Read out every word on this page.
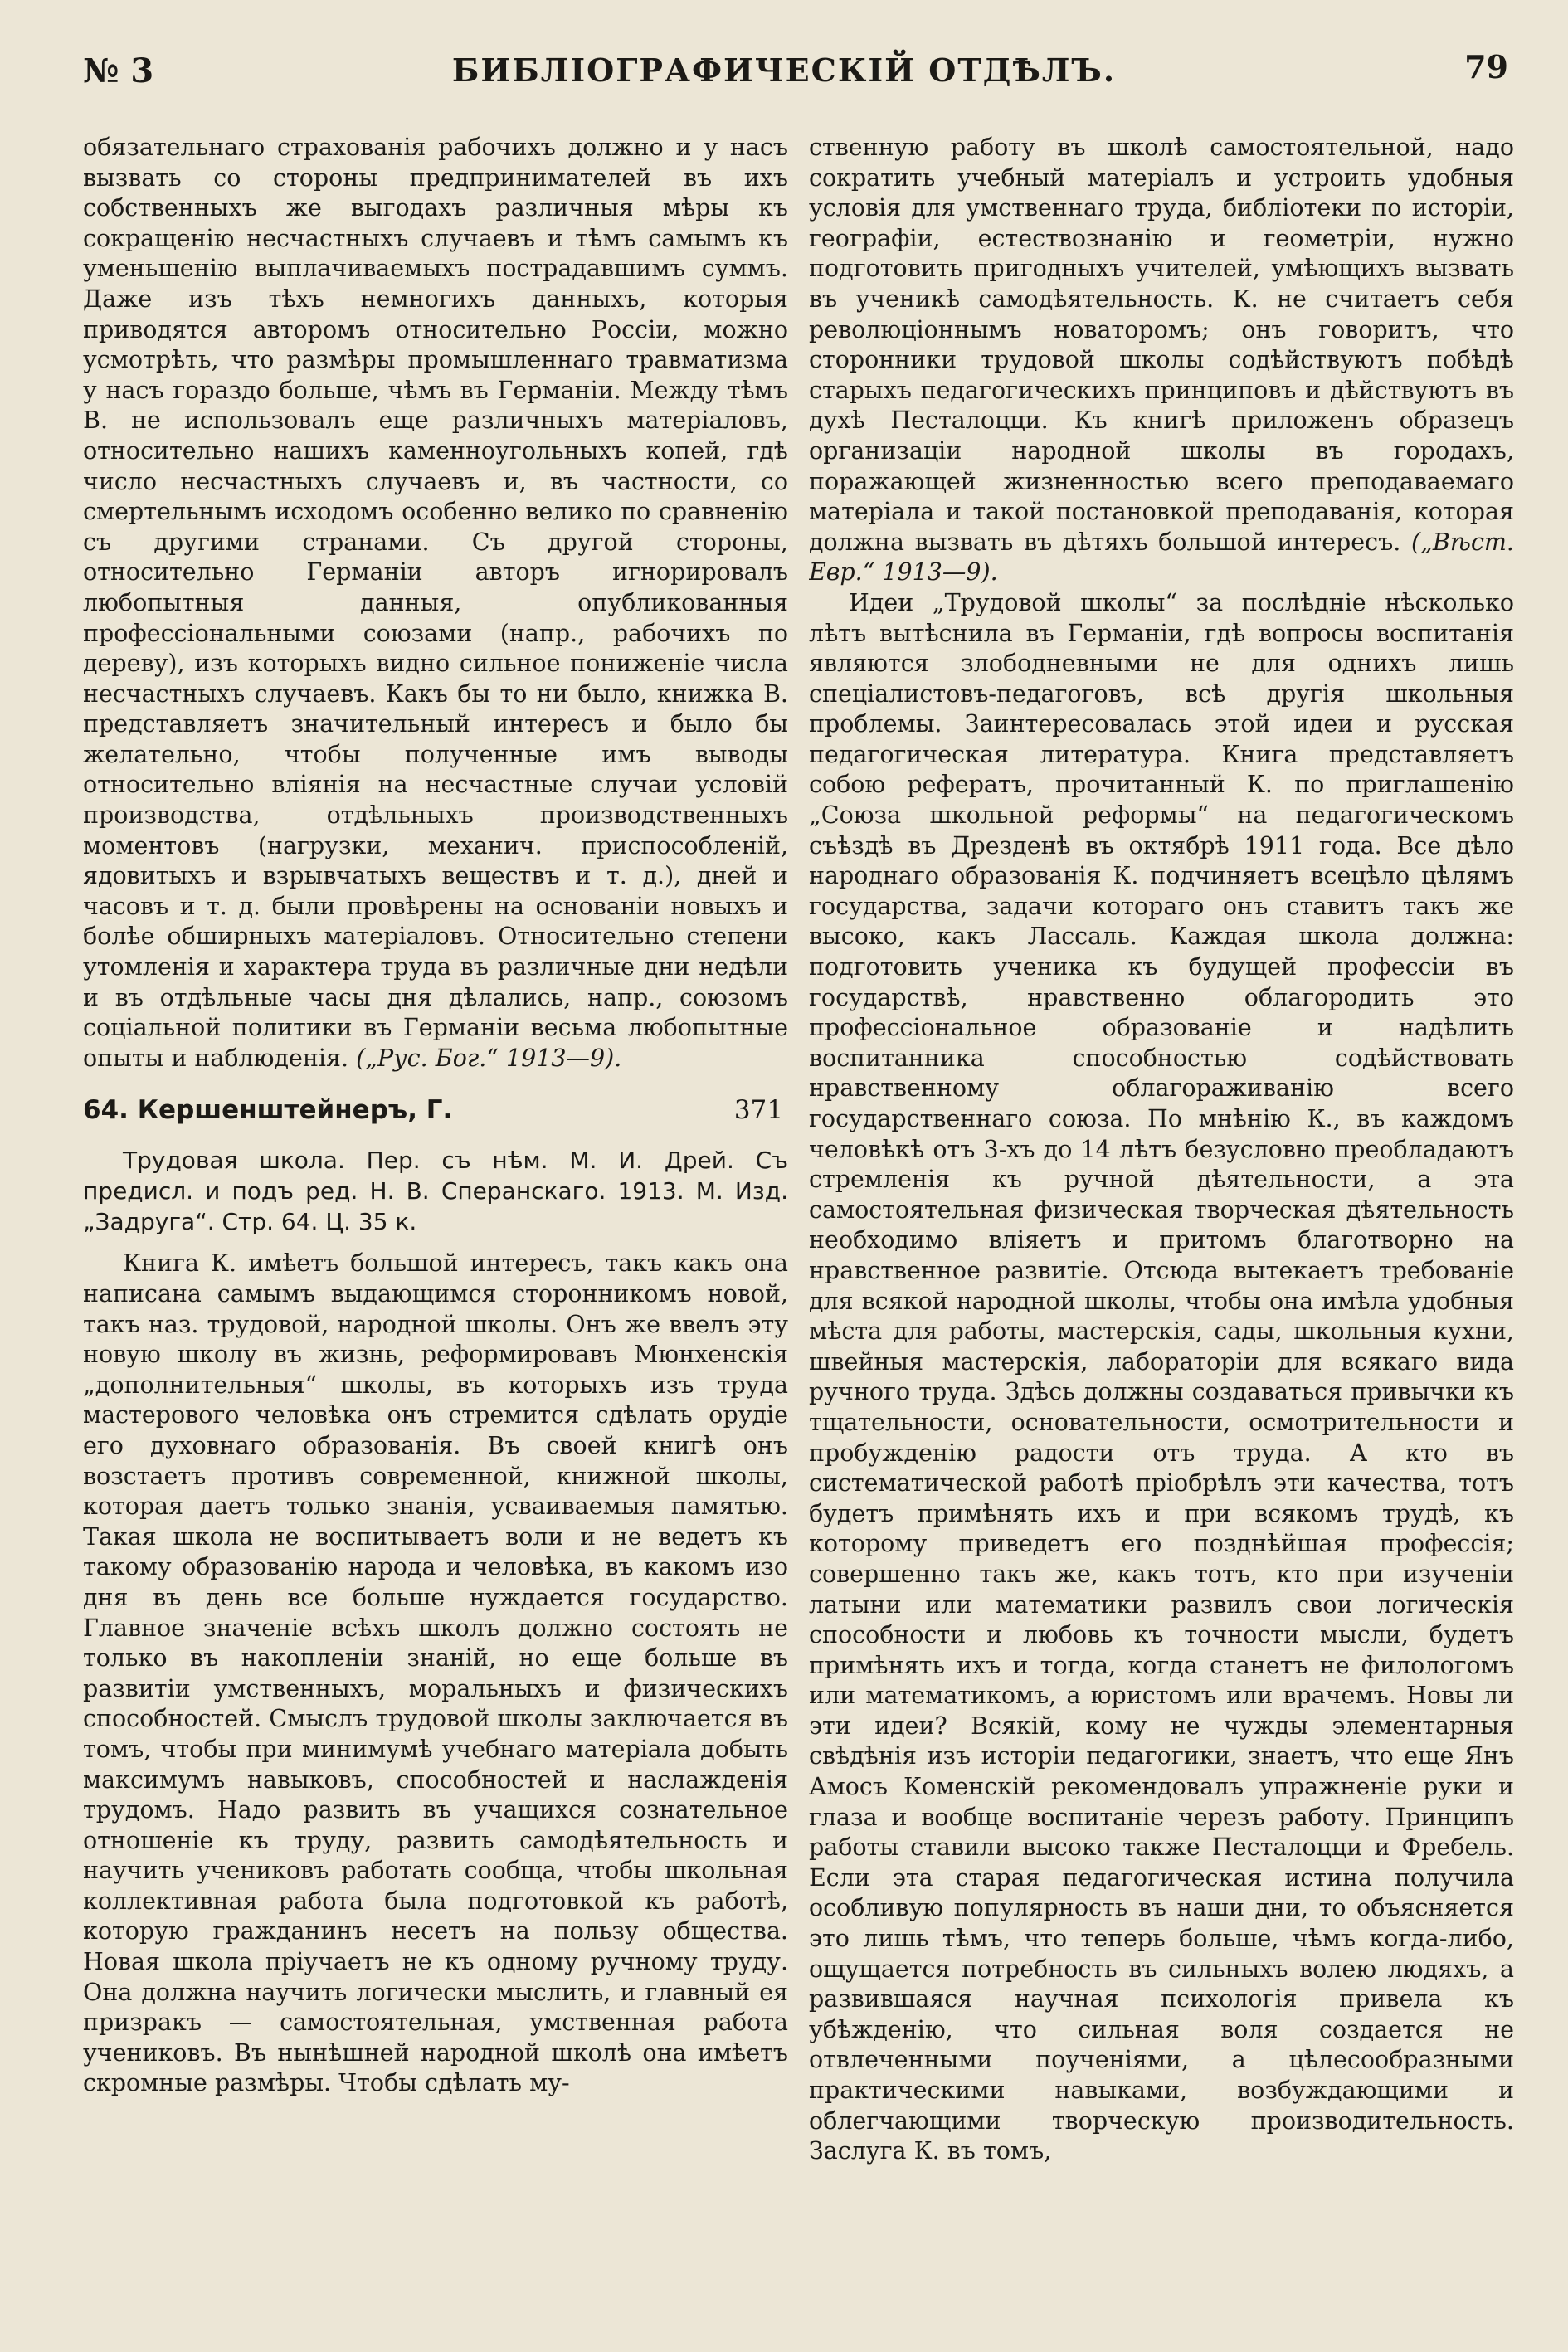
№ 3	БИБЛІОГРАФИЧЕСКІЙ ОТДѢЛЪ.	79

обязательнаго страхованія рабочихъ должно и у насъ вызвать со стороны предпринимателей въ ихъ собственныхъ же выгодахъ различныя мѣры къ сокращенію несчастныхъ случаевъ и тѣмъ самымъ къ уменьшенію выплачиваемыхъ пострадавшимъ суммъ. Даже изъ тѣхъ немногихъ данныхъ, которыя приводятся авторомъ относительно Россіи, можно усмотрѣть, что размѣры промышленнаго травматизма у насъ гораздо больше, чѣмъ въ Германіи. Между тѣмъ В. не использовалъ еще различныхъ матеріаловъ, относительно нашихъ каменноугольныхъ копей, гдѣ число несчастныхъ случаевъ и, въ частности, со смертельнымъ исходомъ особенно велико по сравненію съ другими странами. Съ другой стороны, относительно Германіи авторъ игнорировалъ любопытныя данныя, опубликованныя профессіональными союзами (напр., рабочихъ по дереву), изъ которыхъ видно сильное пониженіе числа несчастныхъ случаевъ. Какъ бы то ни было, книжка В. представляетъ значительный интересъ и было бы желательно, чтобы полученные имъ выводы относительно вліянія на несчастные случаи условій производства, отдѣльныхъ производственныхъ моментовъ (нагрузки, механич. приспособленій, ядовитыхъ и взрывчатыхъ веществъ и т. д.), дней и часовъ и т. д. были провѣрены на основаніи новыхъ и болѣе обширныхъ матеріаловъ. Относительно степени утомленія и характера труда въ различные дни недѣли и въ отдѣльные часы дня дѣлались, напр., союзомъ соціальной политики въ Германіи весьма любопытные опыты и наблюденія. („Рус. Бог.“ 1913—9).

64. Кершенштейнеръ, Г.	371

Трудовая школа. Пер. съ нѣм. М. И. Дрей. Съ предисл. и подъ ред. Н. В. Сперанскаго. 1913. М. Изд. „Задруга“. Стр. 64. Ц. 35 к.

Книга К. имѣетъ большой интересъ, такъ какъ она написана самымъ выдающимся сторонникомъ новой, такъ наз. трудовой, народной школы. Онъ же ввелъ эту новую школу въ жизнь, реформировавъ Мюнхенскія „дополнительныя“ школы, въ которыхъ изъ труда мастерового человѣка онъ стремится сдѣлать орудіе его духовнаго образованія. Въ своей книгѣ онъ возстаетъ противъ современной, книжной школы, которая даетъ только знанія, усваиваемыя памятью. Такая школа не воспитываетъ воли и не ведетъ къ такому образованію народа и человѣка, въ какомъ изо дня въ день все больше нуждается государство. Главное значеніе всѣхъ школъ должно состоять не только въ накопленіи знаній, но еще больше въ развитіи умственныхъ, моральныхъ и физическихъ способностей. Смыслъ трудовой школы заключается въ томъ, чтобы при минимумѣ учебнаго матеріала добыть максимумъ навыковъ, способностей и наслажденія трудомъ. Надо развить въ учащихся сознательное отношеніе къ труду, развить самодѣятельность и научить учениковъ работать сообща, чтобы школьная коллективная работа была подготовкой къ работѣ, которую гражданинъ несетъ на пользу общества. Новая школа пріучаетъ не къ одному ручному труду. Она должна научить логически мыслить, и главный ея призракъ — самостоятельная, умственная работа учениковъ. Въ нынѣшней народной школѣ она имѣетъ скромные размѣры. Чтобы сдѣлать му-

ственную работу въ школѣ самостоятельной, надо сократить учебный матеріалъ и устроить удобныя условія для умственнаго труда, библіотеки по исторіи, географіи, естествознанію и геометріи, нужно подготовить пригодныхъ учителей, умѣющихъ вызвать въ ученикѣ самодѣятельность. К. не считаетъ себя революціоннымъ новаторомъ; онъ говоритъ, что сторонники трудовой школы содѣйствуютъ побѣдѣ старыхъ педагогическихъ принциповъ и дѣйствуютъ въ духѣ Песталоцци. Къ книгѣ приложенъ образецъ организаціи народной школы въ городахъ, поражающей жизненностью всего преподаваемаго матеріала и такой постановкой преподаванія, которая должна вызвать въ дѣтяхъ большой интересъ. („Вѣст. Евр.“ 1913—9).

Идеи „Трудовой школы“ за послѣдніе нѣсколько лѣтъ вытѣснила въ Германіи, гдѣ вопросы воспитанія являются злободневными не для однихъ лишь спеціалистовъ-педагоговъ, всѣ другія школьныя проблемы. Заинтересовалась этой идеи и русская педагогическая литература. Книга представляетъ собою рефератъ, прочитанный К. по приглашенію „Союза школьной реформы“ на педагогическомъ съѣздѣ въ Дрезденѣ въ октябрѣ 1911 года. Все дѣло народнаго образованія К. подчиняетъ всецѣло цѣлямъ государства, задачи котораго онъ ставитъ такъ же высоко, какъ Лассаль. Каждая школа должна: подготовить ученика къ будущей профессіи въ государствѣ, нравственно облагородить это профессіональное образованіе и надѣлить воспитанника способностью содѣйствовать нравственному облагораживанію всего государственнаго союза. По мнѣнію К., въ каждомъ человѣкѣ отъ 3-хъ до 14 лѣтъ безусловно преобладаютъ стремленія къ ручной дѣятельности, а эта самостоятельная физическая творческая дѣятельность необходимо вліяетъ и притомъ благотворно на нравственное развитіе. Отсюда вытекаетъ требованіе для всякой народной школы, чтобы она имѣла удобныя мѣста для работы, мастерскія, сады, школьныя кухни, швейныя мастерскія, лабораторіи для всякаго вида ручного труда. Здѣсь должны создаваться привычки къ тщательности, основательности, осмотрительности и пробужденію радости отъ труда. А кто въ систематической работѣ пріобрѣлъ эти качества, тотъ будетъ примѣнять ихъ и при всякомъ трудѣ, къ которому приведетъ его позднѣйшая профессія; совершенно такъ же, какъ тотъ, кто при изученіи латыни или математики развилъ свои логическія способности и любовь къ точности мысли, будетъ примѣнять ихъ и тогда, когда станетъ не филологомъ или математикомъ, а юристомъ или врачемъ. Новы ли эти идеи? Всякій, кому не чужды элементарныя свѣдѣнія изъ исторіи педагогики, знаетъ, что еще Янъ Амосъ Коменскій рекомендовалъ упражненіе руки и глаза и вообще воспитаніе черезъ работу. Принципъ работы ставили высоко также Песталоцци и Фребель. Если эта старая педагогическая истина получила особливую популярность въ наши дни, то объясняется это лишь тѣмъ, что теперь больше, чѣмъ когда-либо, ощущается потребность въ сильныхъ волею людяхъ, а развившаяся научная психологія привела къ убѣжденію, что сильная воля создается не отвлеченными поученіями, а цѣлесообразными практическими навыками, возбуждающими и облегчающими творческую производительность. Заслуга К. въ томъ,
